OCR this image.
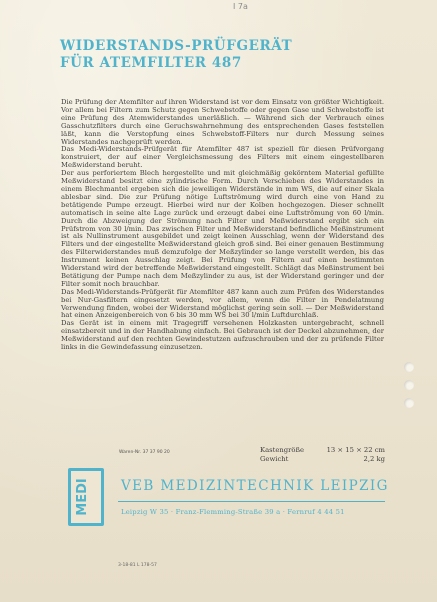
I 7a
WIDERSTANDS-PRÜFGERÄT
FÜR ATEMFILTER 487

Die Prüfung der Atemfilter auf ihren Widerstand ist vor dem Einsatz von größter Wichtigkeit. Vor allem bei Filtern zum Schutz gegen Schwebstoffe oder gegen Gase und Schwebstoffe ist eine Prüfung des Atemwiderstandes unerläßlich. — Während sich der Verbrauch eines Gasschutzfilters durch eine Geruchswahrnehmung des entsprechenden Gases feststellen läßt, kann die Verstopfung eines Schwebstoff-Filters nur durch Messung seines Widerstandes nachgeprüft werden.

Das Medi-Widerstands-Prüfgerät für Atemfilter 487 ist speziell für diesen Prüfvorgang konstruiert, der auf einer Vergleichsmessung des Filters mit einem eingestellbaren Meßwiderstand beruht.

Der aus perforiertem Blech hergestellte und mit gleichmäßig gekörntem Material gefüllte Meßwiderstand besitzt eine zylindrische Form. Durch Verschieben des Widerstandes in einem Blechmantel ergeben sich die jeweiligen Widerstände in mm WS, die auf einer Skala ablesbar sind. Die zur Prüfung nötige Luftströmung wird durch eine von Hand zu betätigende Pumpe erzeugt. Hierbei wird nur der Kolben hochgezogen. Dieser schnellt automatisch in seine alte Lage zurück und erzeugt dabei eine Luftströmung von 60 l/min. Durch die Abzweigung der Strömung nach Filter und Meßwiderstand ergibt sich ein Prüfstrom von 30 l/min. Das zwischen Filter und Meßwiderstand befindliche Meßinstrument ist als Nullinstrument ausgebildet und zeigt keinen Ausschlag, wenn der Widerstand des Filters und der eingestellte Meßwiderstand gleich groß sind. Bei einer genauen Bestimmung des Filterwiderstandes muß demzufolge der Meßzylinder so lange verstellt werden, bis das Instrument keinen Ausschlag zeigt. Bei Prüfung von Filtern auf einen bestimmten Widerstand wird der betreffende Meßwiderstand eingestellt. Schlägt das Meßinstrument bei Betätigung der Pumpe nach dem Meßzylinder zu aus, ist der Widerstand geringer und der Filter somit noch brauchbar.

Das Medi-Widerstands-Prüfgerät für Atemfilter 487 kann auch zum Prüfen des Widerstandes bei Nur-Gasfiltern eingesetzt werden, vor allem, wenn die Filter in Pendelatmung Verwendung finden, wobei der Widerstand möglichst gering sein soll. — Der Meßwiderstand hat einen Anzeigenbereich von 6 bis 30 mm WS bei 30 l/min Luftdurchlaß.

Das Gerät ist in einem mit Tragegriff versehenen Holzkasten untergebracht, schnell einsatzbereit und in der Handhabung einfach. Bei Gebrauch ist der Deckel abzunehmen, der Meßwiderstand auf den rechten Gewindestutzen aufzuschrauben und der zu prüfende Filter links in die Gewindefassung einzusetzen.

Waren-Nr. 37 37 90 20	Kastengröße	13 × 15 × 22 cm
Gewicht	2,2 kg
MEDI VEB MEDIZINTECHNIK LEIPZIG
Leipzig W 35 · Franz-Flemming-Straße 39 a · Fernruf 4 44 51
3-18-81 L 178-57
